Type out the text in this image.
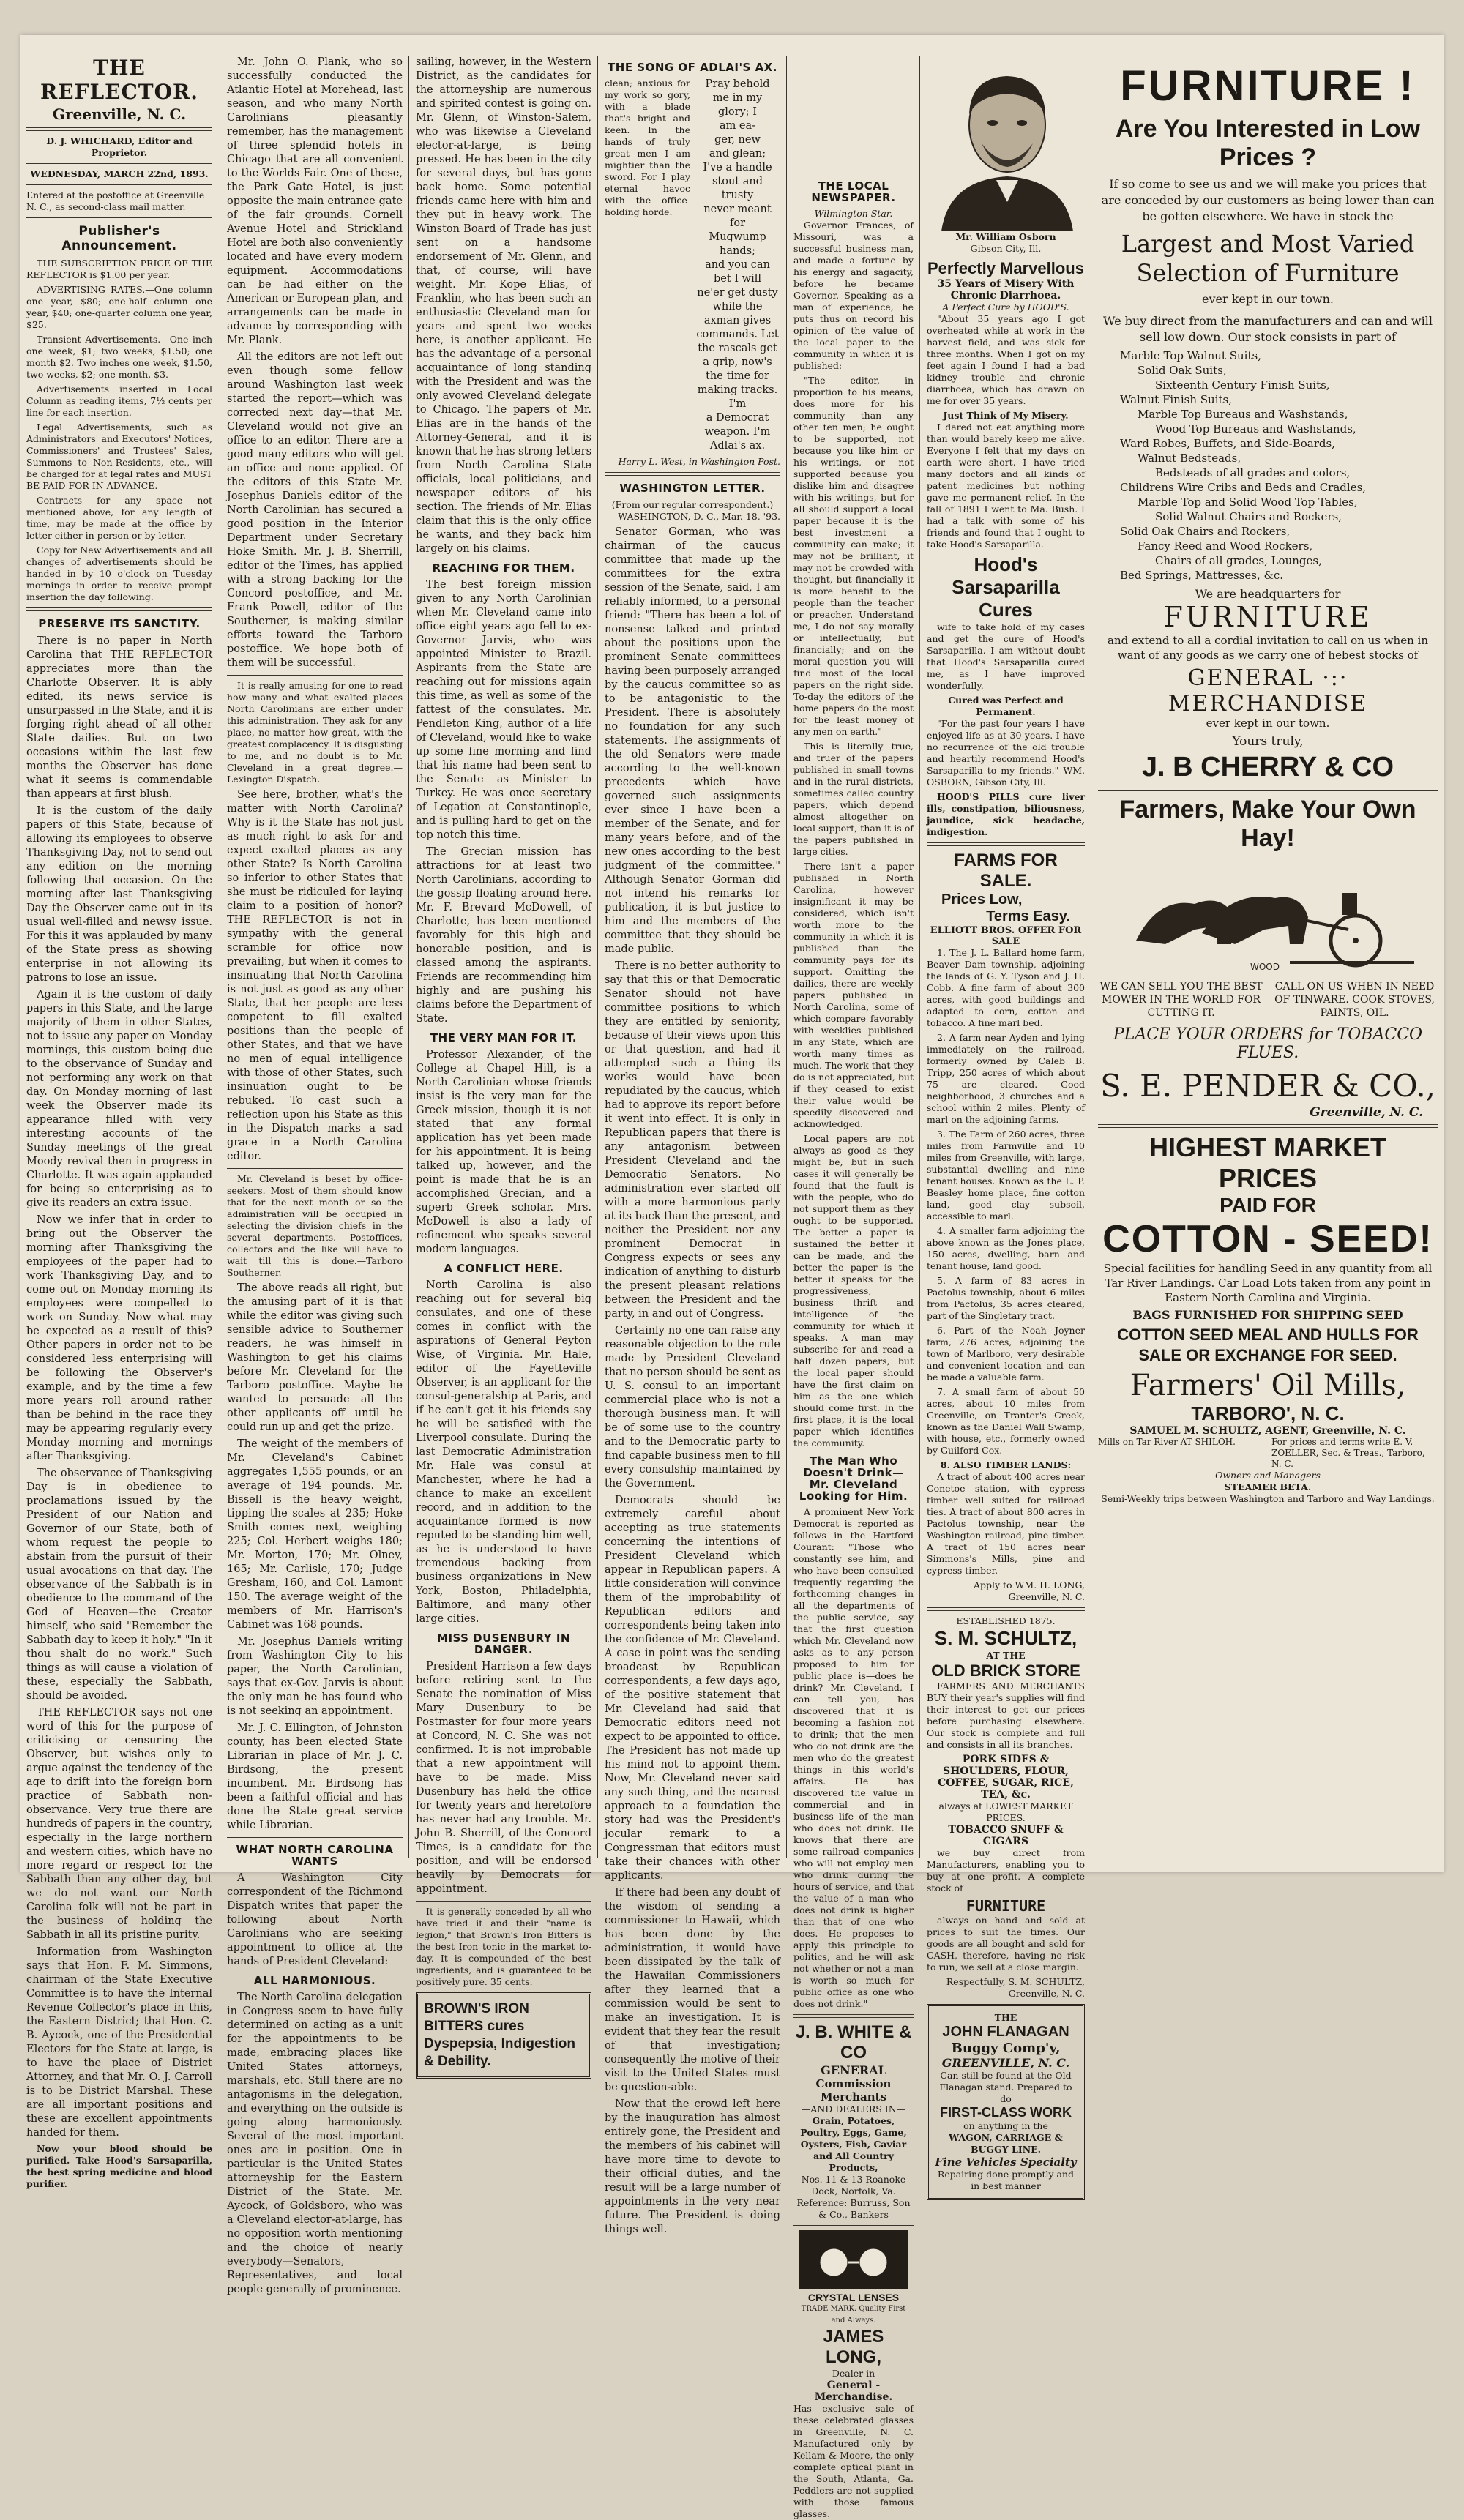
THE REFLECTOR.
Greenville, N. C.
D. J. WHICHARD, Editor and Proprietor.
WEDNESDAY, MARCH 22nd, 1893.
Entered at the postoffice at Greenville N. C., as second-class mail matter.
Publisher's Announcement.

THE SUBSCRIPTION PRICE OF THE REFLECTOR is $1.00 per year.

ADVERTISING RATES.—One column one year, $80; one-half column one year, $40; one-quarter column one year, $25.

Transient Advertisements.—One inch one week, $1; two weeks, $1.50; one month $2. Two inches one week, $1.50, two weeks, $2; one month, $3.

Advertisements inserted in Local Column as reading items, 7½ cents per line for each insertion.

Legal Advertisements, such as Administrators' and Executors' Notices, Commissioners' and Trustees' Sales, Summons to Non-Residents, etc., will be charged for at legal rates and MUST BE PAID FOR IN ADVANCE.

Contracts for any space not mentioned above, for any length of time, may be made at the office by letter either in person or by letter.

Copy for New Advertisements and all changes of advertisements should be handed in by 10 o'clock on Tuesday mornings in order to receive prompt insertion the day following.

PRESERVE ITS SANCTITY.

There is no paper in North Carolina that THE REFLECTOR appreciates more than the Charlotte Observer. It is ably edited, its news service is unsurpassed in the State, and it is forging right ahead of all other State dailies. But on two occasions within the last few months the Observer has done what it seems is commendable than appears at first blush.

It is the custom of the daily papers of this State, because of allowing its employees to observe Thanksgiving Day, not to send out any edition on the morning following that occasion. On the morning after last Thanksgiving Day the Observer came out in its usual well-filled and newsy issue. For this it was applauded by many of the State press as showing enterprise in not allowing its patrons to lose an issue.

Again it is the custom of daily papers in this State, and the large majority of them in other States, not to issue any paper on Monday mornings, this custom being due to the observance of Sunday and not performing any work on that day. On Monday morning of last week the Observer made its appearance filled with very interesting accounts of the Sunday meetings of the great Moody revival then in progress in Charlotte. It was again applauded for being so enterprising as to give its readers an extra issue.

Now we infer that in order to bring out the Observer the morning after Thanksgiving the employees of the paper had to work Thanksgiving Day, and to come out on Monday morning its employees were compelled to work on Sunday. Now what may be expected as a result of this? Other papers in order not to be considered less enterprising will be following the Observer's example, and by the time a few more years roll around rather than be behind in the race they may be appearing regularly every Monday morning and mornings after Thanksgiving.

The observance of Thanksgiving Day is in obedience to proclamations issued by the President of our Nation and Governor of our State, both of whom request the people to abstain from the pursuit of their usual avocations on that day. The observance of the Sabbath is in obedience to the command of the God of Heaven—the Creator himself, who said "Remember the Sabbath day to keep it holy." "In it thou shalt do no work." Such things as will cause a violation of these, especially the Sabbath, should be avoided.

THE REFLECTOR says not one word of this for the purpose of criticising or censuring the Observer, but wishes only to argue against the tendency of the age to drift into the foreign born practice of Sabbath non-observance. Very true there are hundreds of papers in the country, especially in the large northern and western cities, which have no more regard or respect for the Sabbath than any other day, but we do not want our North Carolina folk will not be part in the business of holding the Sabbath in all its pristine purity.

Information from Washington says that Hon. F. M. Simmons, chairman of the State Executive Committee is to have the Internal Revenue Collector's place in this, the Eastern District; that Hon. C. B. Aycock, one of the Presidential Electors for the State at large, is to have the place of District Attorney, and that Mr. O. J. Carroll is to be District Marshal. These are all important positions and these are excellent appointments handed for them.

Now your blood should be purified. Take Hood's Sarsaparilla, the best spring medicine and blood purifier.

Mr. John O. Plank, who so successfully conducted the Atlantic Hotel at Morehead, last season, and who many North Carolinians pleasantly remember, has the management of three splendid hotels in Chicago that are all convenient to the Worlds Fair. One of these, the Park Gate Hotel, is just opposite the main entrance gate of the fair grounds. Cornell Avenue Hotel and Strickland Hotel are both also conveniently located and have every modern equipment. Accommodations can be had either on the American or European plan, and arrangements can be made in advance by corresponding with Mr. Plank.

All the editors are not left out even though some fellow around Washington last week started the report—which was corrected next day—that Mr. Cleveland would not give an office to an editor. There are a good many editors who will get an office and none applied. Of the editors of this State Mr. Josephus Daniels editor of the North Carolinian has secured a good position in the Interior Department under Secretary Hoke Smith. Mr. J. B. Sherrill, editor of the Times, has applied with a strong backing for the Concord postoffice, and Mr. Frank Powell, editor of the Southerner, is making similar efforts toward the Tarboro postoffice. We hope both of them will be successful.

It is really amusing for one to read how many and what exalted places North Carolinians are either under this administration. They ask for any place, no matter how great, with the greatest complacency. It is disgusting to me, and no doubt is to Mr. Cleveland in a great degree.—Lexington Dispatch.

See here, brother, what's the matter with North Carolina? Why is it the State has not just as much right to ask for and expect exalted places as any other State? Is North Carolina so inferior to other States that she must be ridiculed for laying claim to a position of honor? THE REFLECTOR is not in sympathy with the general scramble for office now prevailing, but when it comes to insinuating that North Carolina is not just as good as any other State, that her people are less competent to fill exalted positions than the people of other States, and that we have no men of equal intelligence with those of other States, such insinuation ought to be rebuked. To cast such a reflection upon his State as this in the Dispatch marks a sad grace in a North Carolina editor.

Mr. Cleveland is beset by office-seekers. Most of them should know that for the next month or so the administration will be occupied in selecting the division chiefs in the several departments. Postoffices, collectors and the like will have to wait till this is done.—Tarboro Southerner.

The above reads all right, but the amusing part of it is that while the editor was giving such sensible advice to Southerner readers, he was himself in Washington to get his claims before Mr. Cleveland for the Tarboro postoffice. Maybe he wanted to persuade all the other applicants off until he could run up and get the prize.

The weight of the members of Mr. Cleveland's Cabinet aggregates 1,555 pounds, or an average of 194 pounds. Mr. Bissell is the heavy weight, tipping the scales at 235; Hoke Smith comes next, weighing 225; Col. Herbert weighs 180; Mr. Morton, 170; Mr. Olney, 165; Mr. Carlisle, 170; Judge Gresham, 160, and Col. Lamont 150. The average weight of the members of Mr. Harrison's Cabinet was 168 pounds.

Mr. Josephus Daniels writing from Washington City to his paper, the North Carolinian, says that ex-Gov. Jarvis is about the only man he has found who is not seeking an appointment.

Mr. J. C. Ellington, of Johnston county, has been elected State Librarian in place of Mr. J. C. Birdsong, the present incumbent. Mr. Birdsong has been a faithful official and has done the State great service while Librarian.

WHAT NORTH CAROLINA WANTS

A Washington City correspondent of the Richmond Dispatch writes that paper the following about North Carolinians who are seeking appointment to office at the hands of President Cleveland:

ALL HARMONIOUS.

The North Carolina delegation in Congress seem to have fully determined on acting as a unit for the appointments to be made, embracing places like United States attorneys, marshals, etc. Still there are no antagonisms in the delegation, and everything on the outside is going along harmoniously. Several of the most important ones are in position. One in particular is the United States attorneyship for the Eastern District of the State. Mr. Aycock, of Goldsboro, who was a Cleveland elector-at-large, has no opposition worth mentioning and the choice of nearly everybody—Senators, Representatives, and local people generally of prominence.

sailing, however, in the Western District, as the candidates for the attorneyship are numerous and spirited contest is going on. Mr. Glenn, of Winston-Salem, who was likewise a Cleveland elector-at-large, is being pressed. He has been in the city for several days, but has gone back home. Some potential friends came here with him and they put in heavy work. The Winston Board of Trade has just sent on a handsome endorsement of Mr. Glenn, and that, of course, will have weight. Mr. Kope Elias, of Franklin, who has been such an enthusiastic Cleveland man for years and spent two weeks here, is another applicant. He has the advantage of a personal acquaintance of long standing with the President and was the only avowed Cleveland delegate to Chicago. The papers of Mr. Elias are in the hands of the Attorney-General, and it is known that he has strong letters from North Carolina State officials, local politicians, and newspaper editors of his section. The friends of Mr. Elias claim that this is the only office he wants, and they back him largely on his claims.

REACHING FOR THEM.

The best foreign mission given to any North Carolinian when Mr. Cleveland came into office eight years ago fell to ex-Governor Jarvis, who was appointed Minister to Brazil. Aspirants from the State are reaching out for missions again this time, as well as some of the fattest of the consulates. Mr. Pendleton King, author of a life of Cleveland, would like to wake up some fine morning and find that his name had been sent to the Senate as Minister to Turkey. He was once secretary of Legation at Constantinople, and is pulling hard to get on the top notch this time.

The Grecian mission has attractions for at least two North Carolinians, according to the gossip floating around here. Mr. F. Brevard McDowell, of Charlotte, has been mentioned favorably for this high and honorable position, and is classed among the aspirants. Friends are recommending him highly and are pushing his claims before the Department of State.

THE VERY MAN FOR IT.

Professor Alexander, of the College at Chapel Hill, is a North Carolinian whose friends insist is the very man for the Greek mission, though it is not stated that any formal application has yet been made for his appointment. It is being talked up, however, and the point is made that he is an accomplished Grecian, and a superb Greek scholar. Mrs. McDowell is also a lady of refinement who speaks several modern languages.

A CONFLICT HERE.

North Carolina is also reaching out for several big consulates, and one of these comes in conflict with the aspirations of General Peyton Wise, of Virginia. Mr. Hale, editor of the Fayetteville Observer, is an applicant for the consul-generalship at Paris, and if he can't get it his friends say he will be satisfied with the Liverpool consulate. During the last Democratic Administration Mr. Hale was consul at Manchester, where he had a chance to make an excellent record, and in addition to the acquaintance formed is now reputed to be standing him well, as he is understood to have tremendous backing from business organizations in New York, Boston, Philadelphia, Baltimore, and many other large cities.

MISS DUSENBURY IN DANGER.

President Harrison a few days before retiring sent to the Senate the nomination of Miss Mary Dusenbury to be Postmaster for four more years at Concord, N. C. She was not confirmed. It is not improbable that a new appointment will have to be made. Miss Dusenbury has held the office for twenty years and heretofore has never had any trouble. Mr. John B. Sherrill, of the Concord Times, is a candidate for the position, and will be endorsed heavily by Democrats for appointment.

It is generally conceded by all who have tried it and their "name is legion," that Brown's Iron Bitters is the best Iron tonic in the market to-day. It is compounded of the best ingredients, and is guaranteed to be positively pure. 35 cents.

BROWN'S IRON BITTERS cures Dyspepsia, Indigestion & Debility.
THE SONG OF ADLAI'S AX.

clean; anxious for my work so gory, with a blade that's bright and keen. In the hands of truly great men I am mightier than the sword. For I play eternal havoc with the office-holding horde.

Pray behold
me in my
glory; I
am ea-
ger, new
and glean;
I've a handle
stout and trusty
never meant for
Mugwump hands;
and you can bet I will
ne'er get dusty while the
axman gives commands. Let
the rascals get a grip, now's
the time for making tracks. I'm
a Democrat weapon. I'm Adlai's ax.
Harry L. West, in Washington Post.
WASHINGTON LETTER.
(From our regular correspondent.)
WASHINGTON, D. C., Mar. 18, '93.

Senator Gorman, who was chairman of the caucus committee that made up the committees for the extra session of the Senate, said, I am reliably informed, to a personal friend: "There has been a lot of nonsense talked and printed about the positions upon the prominent Senate committees having been purposely arranged by the caucus committee so as to be antagonistic to the President. There is absolutely no foundation for any such statements. The assignments of the old Senators were made according to the well-known precedents which have governed such assignments ever since I have been a member of the Senate, and for many years before, and of the new ones according to the best judgment of the committee." Although Senator Gorman did not intend his remarks for publication, it is but justice to him and the members of the committee that they should be made public.

There is no better authority to say that this or that Democratic Senator should not have committee positions to which they are entitled by seniority, because of their views upon this or that question, and had it attempted such a thing its works would have been repudiated by the caucus, which had to approve its report before it went into effect. It is only in Republican papers that there is any antagonism between President Cleveland and the Democratic Senators. No administration ever started off with a more harmonious party at its back than the present, and neither the President nor any prominent Democrat in Congress expects or sees any indication of anything to disturb the present pleasant relations between the President and the party, in and out of Congress.

Certainly no one can raise any reasonable objection to the rule made by President Cleveland that no person should be sent as U. S. consul to an important commercial place who is not a thorough business man. It will be of some use to the country and to the Democratic party to find capable business men to fill every consulship maintained by the Government.

Democrats should be extremely careful about accepting as true statements concerning the intentions of President Cleveland which appear in Republican papers. A little consideration will convince them of the improbability of Republican editors and correspondents being taken into the confidence of Mr. Cleveland. A case in point was the sending broadcast by Republican correspondents, a few days ago, of the positive statement that Mr. Cleveland had said that Democratic editors need not expect to be appointed to office. The President has not made up his mind not to appoint them. Now, Mr. Cleveland never said any such thing, and the nearest approach to a foundation the story had was the President's jocular remark to a Congressman that editors must take their chances with other applicants.

If there had been any doubt of the wisdom of sending a commissioner to Hawaii, which has been done by the administration, it would have been dissipated by the talk of the Hawaiian Commissioners after they learned that a commission would be sent to make an investigation. It is evident that they fear the result of that investigation; consequently the motive of their visit to the United States must be question-able.

Now that the crowd left here by the inauguration has almost entirely gone, the President and the members of his cabinet will have more time to devote to their official duties, and the result will be a large number of appointments in the very near future. The President is doing things well.

THE LOCAL NEWSPAPER.
Wilmington Star.

Governor Frances, of Missouri, was a successful business man, and made a fortune by his energy and sagacity, before he became Governor. Speaking as a man of experience, he puts thus on record his opinion of the value of the local paper to the community in which it is published:

"The editor, in proportion to his means, does more for his community than any other ten men; he ought to be supported, not because you like him or his writings, or not supported because you dislike him and disagree with his writings, but for all should support a local paper because it is the best investment a community can make; it may not be brilliant, it may not be crowded with thought, but financially it is more benefit to the people than the teacher or preacher. Understand me, I do not say morally or intellectually, but financially; and on the moral question you will find most of the local papers on the right side. To-day the editors of the home papers do the most for the least money of any men on earth."

This is literally true, and truer of the papers published in small towns and in the rural districts, sometimes called country papers, which depend almost altogether on local support, than it is of the papers published in large cities.

There isn't a paper published in North Carolina, however insignificant it may be considered, which isn't worth more to the community in which it is published than the community pays for its support. Omitting the dailies, there are weekly papers published in North Carolina, some of which compare favorably with weeklies published in any State, which are worth many times as much. The work that they do is not appreciated, but if they ceased to exist their value would be speedily discovered and acknowledged.

Local papers are not always as good as they might be, but in such cases it will generally be found that the fault is with the people, who do not support them as they ought to be supported. The better a paper is sustained the better it can be made, and the better the paper is the better it speaks for the progressiveness, business thrift and intelligence of the community for which it speaks. A man may subscribe for and read a half dozen papers, but the local paper should have the first claim on him as the one which should come first. In the first place, it is the local paper which identifies the community.

The Man Who Doesn't Drink—Mr. Cleveland Looking for Him.

A prominent New York Democrat is reported as follows in the Hartford Courant: "Those who constantly see him, and who have been consulted frequently regarding the forthcoming changes in all the departments of the public service, say that the first question which Mr. Cleveland now asks as to any person proposed to him for public place is—does he drink? Mr. Cleveland, I can tell you, has discovered that it is becoming a fashion not to drink; that the men who do not drink are the men who do the greatest things in this world's affairs. He has discovered the value in commercial and in business life of the man who does not drink. He knows that there are some railroad companies who will not employ men who drink during the hours of service, and that the value of a man who does not drink is higher than that of one who does. He proposes to apply this principle to politics, and he will ask not whether or not a man is worth so much for public office as one who does not drink."

J. B. WHITE & CO
GENERAL
Commission Merchants
—AND DEALERS IN—
Grain, Potatoes, Poultry, Eggs, Game, Oysters, Fish, Caviar and All Country Products,
Nos. 11 & 13 Roanoke Dock, Norfolk, Va.
Reference: Burruss, Son & Co., Bankers
CRYSTAL LENSES
TRADE MARK. Quality First and Always.
JAMES LONG,
—Dealer in—
General - Merchandise.

Has exclusive sale of these celebrated glasses in Greenville, N. C. Manufactured only by Kellam & Moore, the only complete optical plant in the South, Atlanta, Ga. Peddlers are not supplied with those famous glasses.

Mr. William Osborn
Gibson City, Ill.
Perfectly Marvellous
35 Years of Misery With Chronic Diarrhoea.
A Perfect Cure by HOOD'S.

"About 35 years ago I got overheated while at work in the harvest field, and was sick for three months. When I got on my feet again I found I had a bad kidney trouble and chronic diarrhoea, which has drawn on me for over 35 years.

Just Think of My Misery.

I dared not eat anything more than would barely keep me alive. Everyone I felt that my days on earth were short. I have tried many doctors and all kinds of patent medicines but nothing gave me permanent relief. In the fall of 1891 I went to Ma. Bush. I had a talk with some of his friends and found that I ought to take Hood's Sarsaparilla.

Hood's Sarsaparilla Cures

wife to take hold of my cases and get the cure of Hood's Sarsaparilla. I am without doubt that Hood's Sarsaparilla cured me, as I have improved wonderfully.

Cured was Perfect and Permanent.

"For the past four years I have enjoyed life as at 30 years. I have no recurrence of the old trouble and heartily recommend Hood's Sarsaparilla to my friends." WM. OSBORN, Gibson City, Ill.

HOOD'S PILLS cure liver ills, constipation, biliousness, jaundice, sick headache, indigestion.

FARMS FOR SALE.
Prices Low,
Terms Easy.
ELLIOTT BROS. OFFER FOR SALE

1. The J. L. Ballard home farm, Beaver Dam township, adjoining the lands of G. Y. Tyson and J. H. Cobb. A fine farm of about 300 acres, with good buildings and adapted to corn, cotton and tobacco. A fine marl bed.

2. A farm near Ayden and lying immediately on the railroad, formerly owned by Caleb B. Tripp, 250 acres of which about 75 are cleared. Good neighborhood, 3 churches and a school within 2 miles. Plenty of marl on the adjoining farms.

3. The Farm of 260 acres, three miles from Farmville and 10 miles from Greenville, with large, substantial dwelling and nine tenant houses. Known as the L. P. Beasley home place, fine cotton land, good clay subsoil, accessible to marl.

4. A smaller farm adjoining the above known as the Jones place, 150 acres, dwelling, barn and tenant house, land good.

5. A farm of 83 acres in Pactolus township, about 6 miles from Pactolus, 35 acres cleared, part of the Singletary tract.

6. Part of the Noah Joyner farm, 276 acres, adjoining the town of Marlboro, very desirable and convenient location and can be made a valuable farm.

7. A small farm of about 50 acres, about 10 miles from Greenville, on Tranter's Creek, known as the Daniel Wall Swamp, with house, etc., formerly owned by Guilford Cox.

8. ALSO TIMBER LANDS:

A tract of about 400 acres near Conetoe station, with cypress timber well suited for railroad ties. A tract of about 800 acres in Pactolus township, near the Washington railroad, pine timber. A tract of 150 acres near Simmons's Mills, pine and cypress timber.

Apply to WM. H. LONG, Greenville, N. C.
ESTABLISHED 1875.
S. M. SCHULTZ,
AT THE
OLD BRICK STORE

FARMERS AND MERCHANTS BUY their year's supplies will find their interest to get our prices before purchasing elsewhere. Our stock is complete and full and consists in all its branches.

PORK SIDES & SHOULDERS, FLOUR, COFFEE, SUGAR, RICE, TEA, &c.
always at LOWEST MARKET PRICES.
TOBACCO SNUFF & CIGARS

we buy direct from Manufacturers, enabling you to buy at one profit. A complete stock of

FURNITURE

always on hand and sold at prices to suit the times. Our goods are all bought and sold for CASH, therefore, having no risk to run, we sell at a close margin.

Respectfully, S. M. SCHULTZ, Greenville, N. C.
THE
JOHN FLANAGAN
Buggy Comp'y,
GREENVILLE, N. C.
Can still be found at the Old Flanagan stand. Prepared to do
FIRST-CLASS WORK
on anything in the
WAGON, CARRIAGE & BUGGY LINE.
Fine Vehicles Specialty
Repairing done promptly and in best manner
FURNITURE !
Are You Interested in Low Prices ?

If so come to see us and we will make you prices that are conceded by our customers as being lower than can be gotten elsewhere. We have in stock the

Largest and Most Varied Selection of Furniture
ever kept in our town.

We buy direct from the manufacturers and can and will sell low down. Our stock consists in part of

Marble Top Walnut Suits,
Solid Oak Suits,
Sixteenth Century Finish Suits,
Walnut Finish Suits,
Marble Top Bureaus and Washstands,
Wood Top Bureaus and Washstands,
Ward Robes, Buffets, and Side-Boards,
Walnut Bedsteads,
Bedsteads of all grades and colors,
Childrens Wire Cribs and Beds and Cradles,
Marble Top and Solid Wood Top Tables,
Solid Walnut Chairs and Rockers,
Solid Oak Chairs and Rockers,
Fancy Reed and Wood Rockers,
Chairs of all grades, Lounges,
Bed Springs, Mattresses, &c.
We are headquarters for
FURNITURE

and extend to all a cordial invitation to call on us when in want of any goods as we carry one of hebest stocks of

GENERAL ·:· MERCHANDISE
ever kept in our town.
Yours truly,
J. B CHERRY & CO
Farmers, Make Your Own Hay!
WOOD
WE CAN SELL YOU THE BEST MOWER IN THE WORLD FOR CUTTING IT.
CALL ON US WHEN IN NEED OF TINWARE. COOK STOVES, PAINTS, OIL.
PLACE YOUR ORDERS for TOBACCO FLUES.
S. E. PENDER & CO.,
Greenville, N. C.
HIGHEST MARKET PRICES
PAID FOR
COTTON - SEED!

Special facilities for handling Seed in any quantity from all Tar River Landings. Car Load Lots taken from any point in Eastern North Carolina and Virginia.

BAGS FURNISHED FOR SHIPPING SEED
COTTON SEED MEAL AND HULLS FOR SALE OR EXCHANGE FOR SEED.
Farmers' Oil Mills,
TARBORO', N. C.
SAMUEL M. SCHULTZ, AGENT, Greenville, N. C.
Mills on Tar River AT SHILOH.	For prices and terms write E. V. ZOELLER, Sec. & Treas., Tarboro, N. C.
Owners and Managers
STEAMER BETA.
Semi-Weekly trips between Washington and Tarboro and Way Landings.
